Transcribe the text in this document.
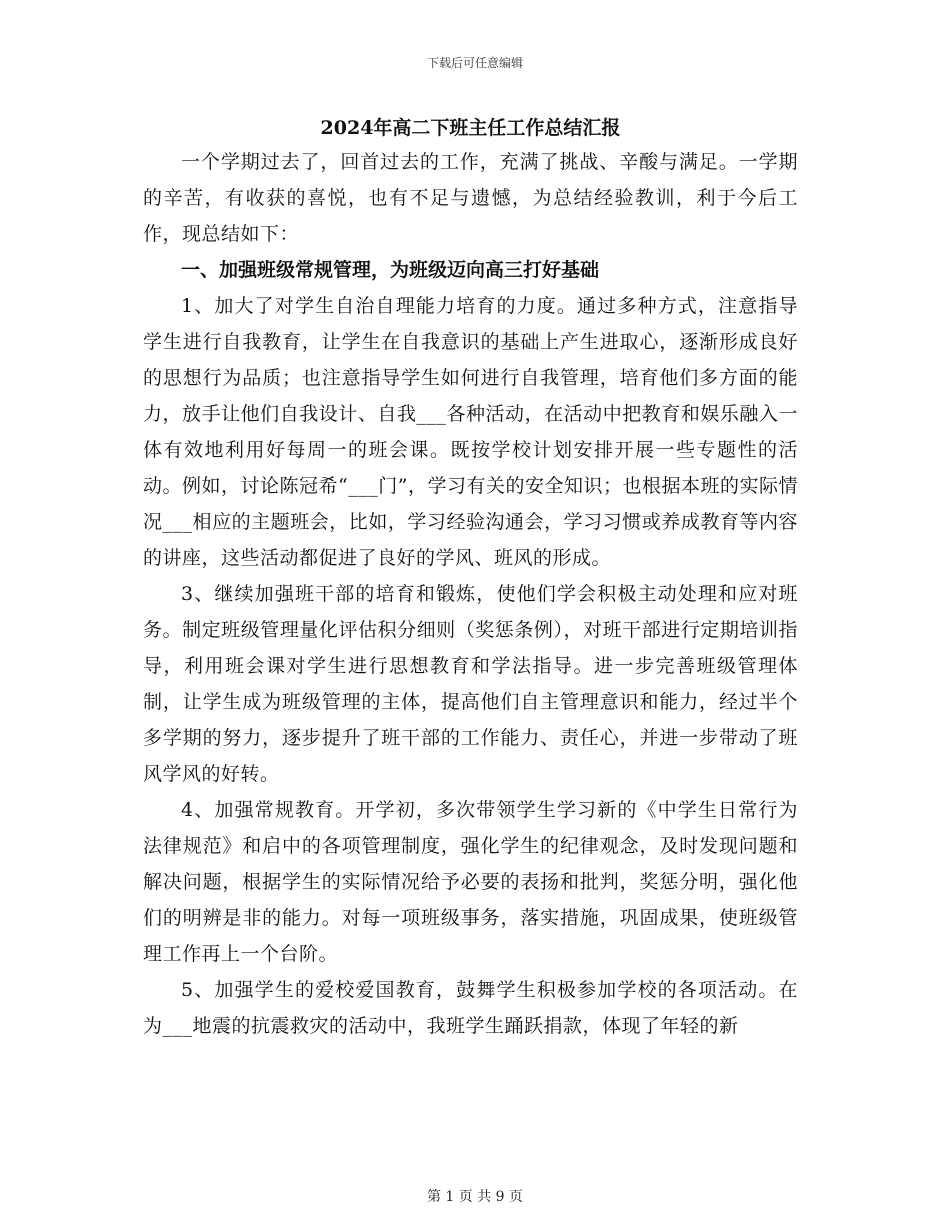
下载后可任意编辑
2024年高二下班主任工作总结汇报

一个学期过去了，回首过去的工作，充满了挑战、辛酸与满足。一学期的辛苦，有收获的喜悦，也有不足与遗憾，为总结经验教训，利于今后工作，现总结如下：

一、加强班级常规管理，为班级迈向高三打好基础

1、加大了对学生自治自理能力培育的力度。通过多种方式，注意指导学生进行自我教育，让学生在自我意识的基础上产生进取心，逐渐形成良好的思想行为品质；也注意指导学生如何进行自我管理，培育他们多方面的能力，放手让他们自我设计、自我___各种活动，在活动中把教育和娱乐融入一体有效地利用好每周一的班会课。既按学校计划安排开展一些专题性的活动。例如，讨论陈冠希“___门”，学习有关的安全知识；也根据本班的实际情况___相应的主题班会，比如，学习经验沟通会，学习习惯或养成教育等内容的讲座，这些活动都促进了良好的学风、班风的形成。

3、继续加强班干部的培育和锻炼，使他们学会积极主动处理和应对班务。制定班级管理量化评估积分细则（奖惩条例），对班干部进行定期培训指导，利用班会课对学生进行思想教育和学法指导。进一步完善班级管理体制，让学生成为班级管理的主体，提高他们自主管理意识和能力，经过半个多学期的努力，逐步提升了班干部的工作能力、责任心，并进一步带动了班风学风的好转。

4、加强常规教育。开学初，多次带领学生学习新的《中学生日常行为法律规范》和启中的各项管理制度，强化学生的纪律观念，及时发现问题和解决问题，根据学生的实际情况给予必要的表扬和批判，奖惩分明，强化他们的明辨是非的能力。对每一项班级事务，落实措施，巩固成果，使班级管理工作再上一个台阶。

5、加强学生的爱校爱国教育，鼓舞学生积极参加学校的各项活动。在为___地震的抗震救灾的活动中，我班学生踊跃捐款，体现了年轻的新

第 1 页 共 9 页
